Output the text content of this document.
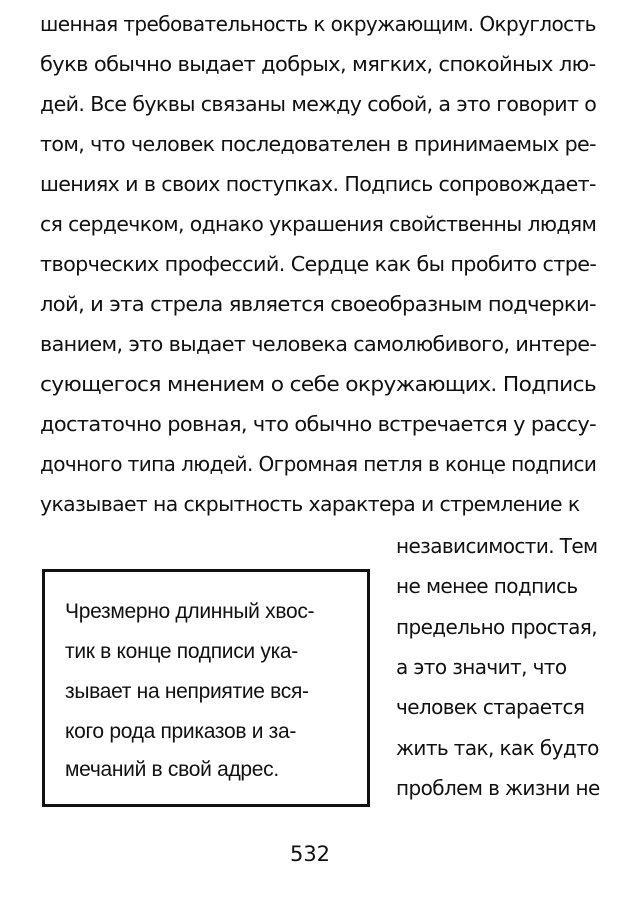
шенная требовательность к окружающим. Округлость
букв обычно выдает добрых, мягких, спокойных лю-
дей. Все буквы связаны между собой, а это говорит о
том, что человек последователен в принимаемых ре-
шениях и в своих поступках. Подпись сопровождает-
ся сердечком, однако украшения свойственны людям
творческих профессий. Сердце как бы пробито стре-
лой, и эта стрела является своеобразным подчерки-
ванием, это выдает человека самолюбивого, интере-
сующегося мнением о себе окружающих. Подпись
достаточно ровная, что обычно встречается у рассу-
дочного типа людей. Огромная петля в конце подписи
указывает на скрытность характера и стремление к
независимости. Тем
не менее подпись
предельно простая,
а это значит, что
человек старается
жить так, как будто
проблем в жизни не
Чрезмерно длинный хвос-
тик в конце подписи ука-
зывает на неприятие вся-
кого рода приказов и за-
мечаний в свой адрес.
532
